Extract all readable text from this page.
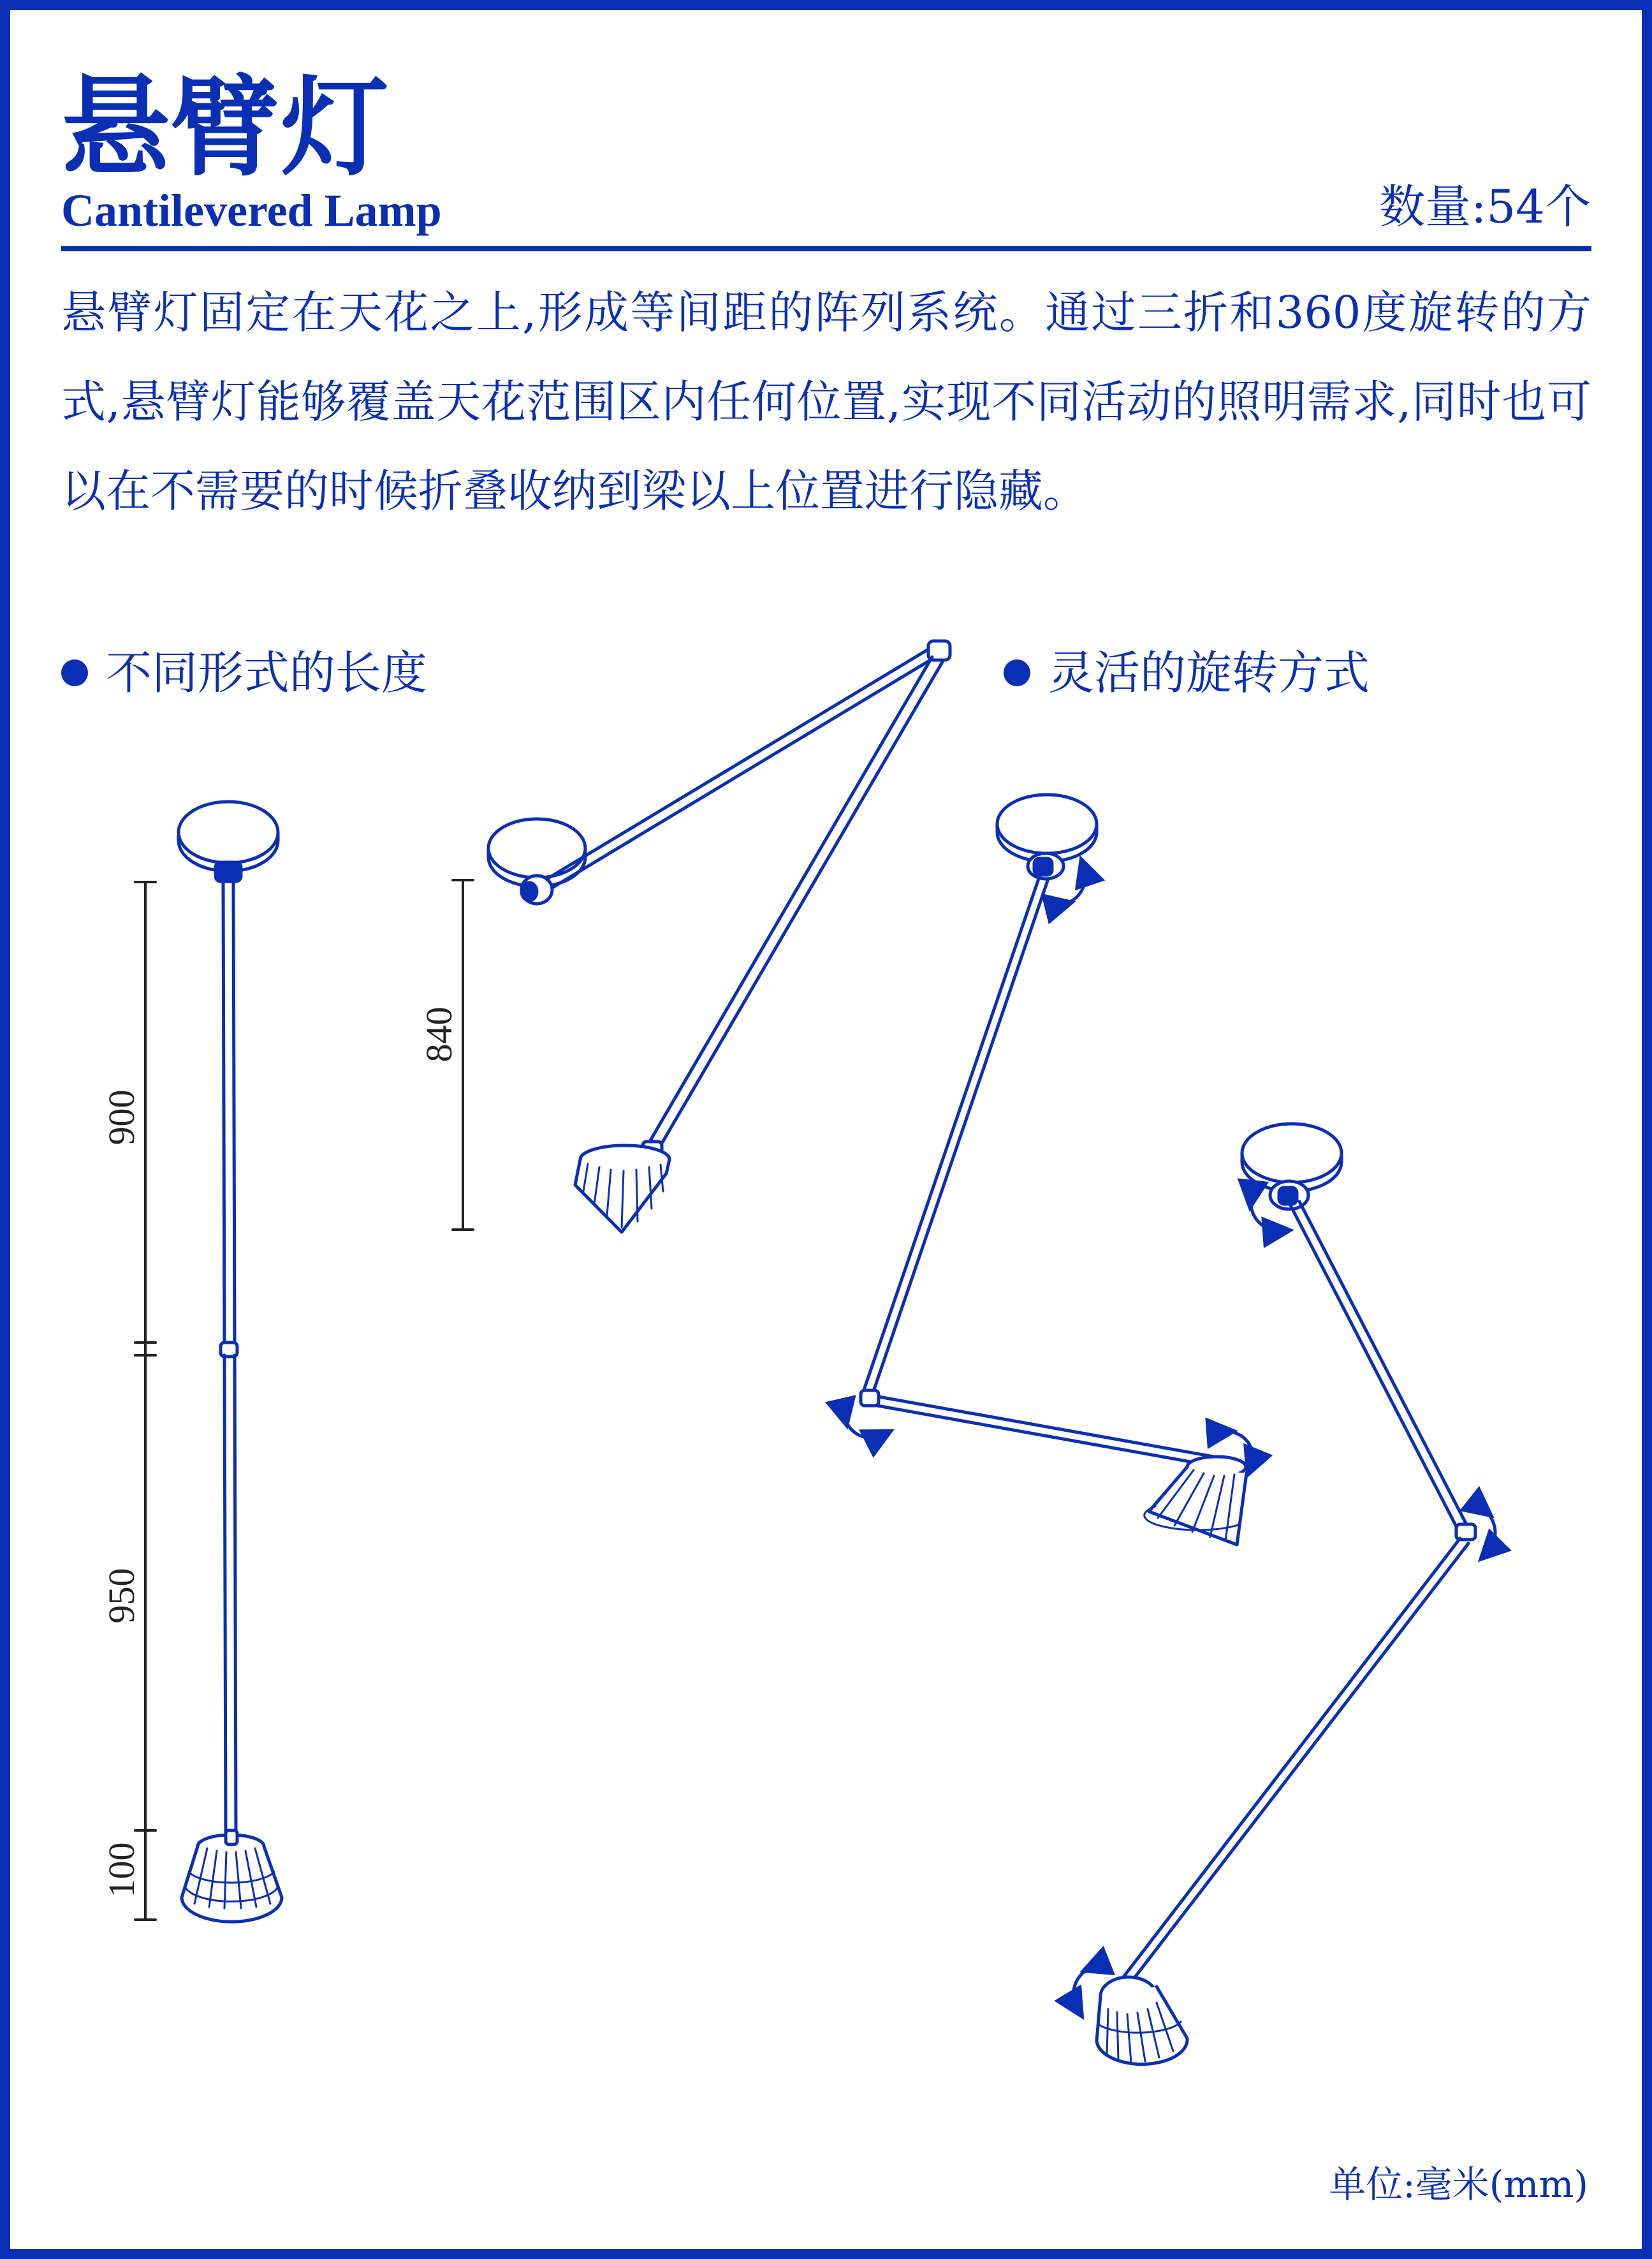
悬臂灯
Cantilevered Lamp	数量:54个

悬臂灯固定在天花之上,形成等间距的阵列系统。通过三折和360度旋转的方式,悬臂灯能够覆盖天花范围区内任何位置,实现不同活动的照明需求,同时也可以在不需要的时候折叠收纳到梁以上位置进行隐藏。

不同形式的长度	灵活的旋转方式
900
950
100
840
单位:毫米(mm)
